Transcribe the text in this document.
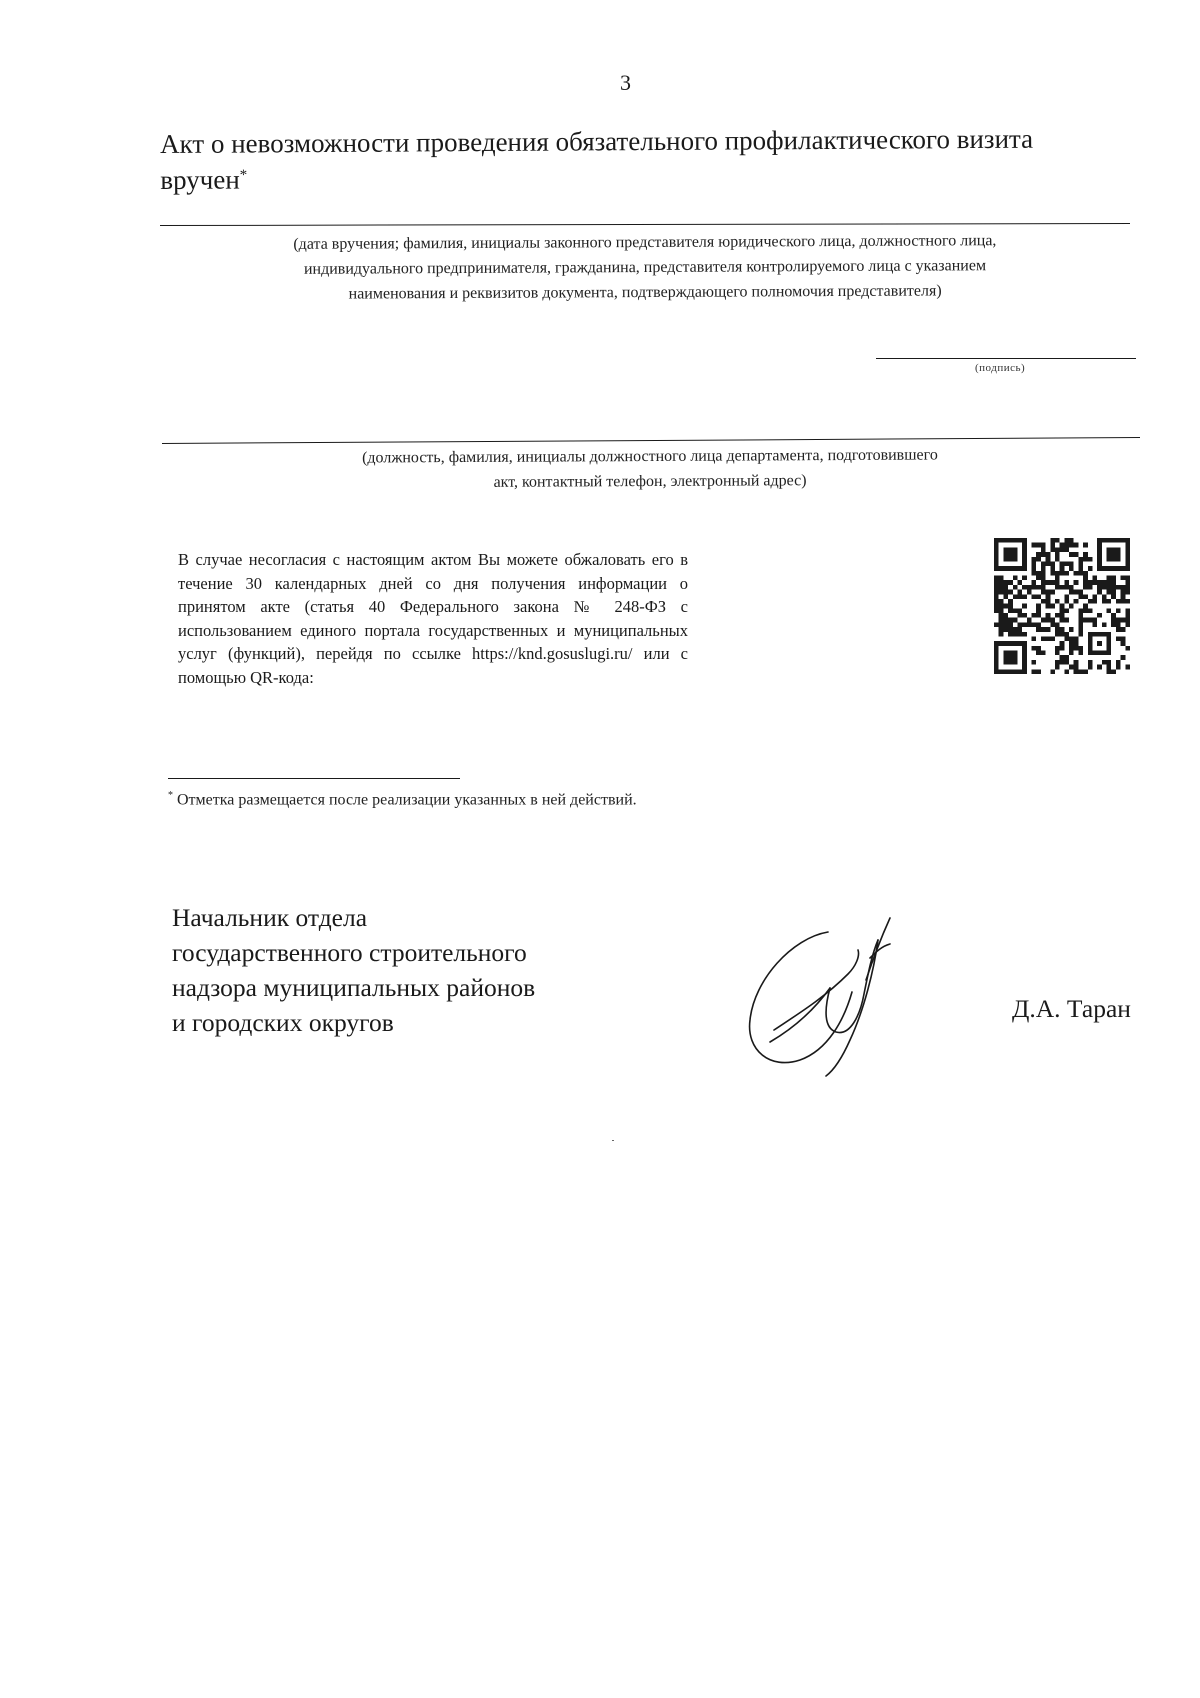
3
Акт о невозможности проведения обязательного профилактического визита
вручен*
(дата вручения; фамилия, инициалы законного представителя юридического лица, должностного лица,
индивидуального предпринимателя, гражданина, представителя контролируемого лица с указанием
наименования и реквизитов документа, подтверждающего полномочия представителя)
(подпись)
(должность, фамилия, инициалы должностного лица департамента, подготовившего
акт, контактный телефон, электронный адрес)
В случае несогласия с настоящим актом Вы можете обжаловать его в течение 30 календарных дней со дня получения информации о принятом акте (статья 40 Федерального закона № 248-ФЗ с использованием единого портала государственных и муниципальных услуг (функций), перейдя по ссылке https://knd.gosuslugi.ru/ или с помощью QR-кода:
* Отметка размещается после реализации указанных в ней действий.
Начальник отдела
государственного строительного
надзора муниципальных районов
и городских округов	Д.А. Таран
